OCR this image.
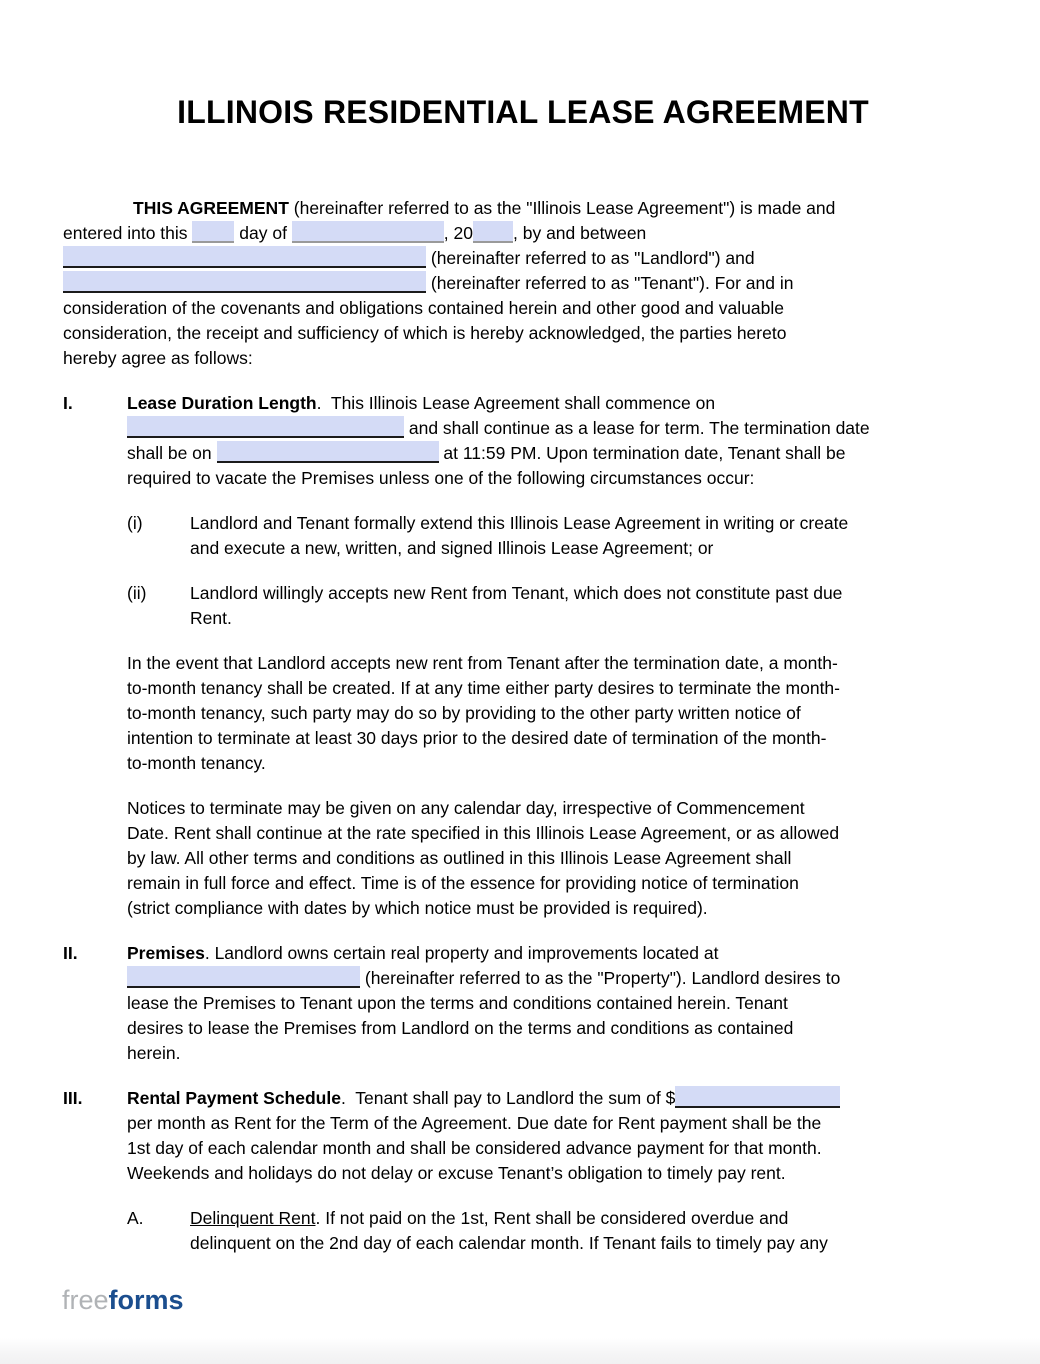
ILLINOIS RESIDENTIAL LEASE AGREEMENT
THIS AGREEMENT (hereinafter referred to as the "Illinois Lease Agreement") is made and
entered into this  day of	, 20 , by and between
(hereinafter referred to as "Landlord") and
(hereinafter referred to as "Tenant"). For and in
consideration of the covenants and obligations contained herein and other good and valuable
consideration, the receipt and sufficiency of which is hereby acknowledged, the parties hereto
hereby agree as follows:
I.	Lease Duration Length.  This Illinois Lease Agreement shall commence on
and shall continue as a lease for term. The termination date
shall be on	at 11:59 PM. Upon termination date, Tenant shall be
required to vacate the Premises unless one of the following circumstances occur:
(i)	Landlord and Tenant formally extend this Illinois Lease Agreement in writing or create
and execute a new, written, and signed Illinois Lease Agreement; or
(ii) Landlord willingly accepts new Rent from Tenant, which does not constitute past due
Rent.
In the event that Landlord accepts new rent from Tenant after the termination date, a month-
to-month tenancy shall be created. If at any time either party desires to terminate the month-
to-month tenancy, such party may do so by providing to the other party written notice of
intention to terminate at least 30 days prior to the desired date of termination of the month-
to-month tenancy.
Notices to terminate may be given on any calendar day, irrespective of Commencement
Date. Rent shall continue at the rate specified in this Illinois Lease Agreement, or as allowed
by law. All other terms and conditions as outlined in this Illinois Lease Agreement shall
remain in full force and effect. Time is of the essence for providing notice of termination
(strict compliance with dates by which notice must be provided is required).
II.	Premises. Landlord owns certain real property and improvements located at
(hereinafter referred to as the "Property"). Landlord desires to
lease the Premises to Tenant upon the terms and conditions contained herein. Tenant
desires to lease the Premises from Landlord on the terms and conditions as contained
herein.
III.	Rental Payment Schedule.  Tenant shall pay to Landlord the sum of $
per month as Rent for the Term of the Agreement. Due date for Rent payment shall be the
1st day of each calendar month and shall be considered advance payment for that month.
Weekends and holidays do not delay or excuse Tenant’s obligation to timely pay rent.
A.	Delinquent Rent. If not paid on the 1st, Rent shall be considered overdue and
delinquent on the 2nd day of each calendar month. If Tenant fails to timely pay any
freeforms
